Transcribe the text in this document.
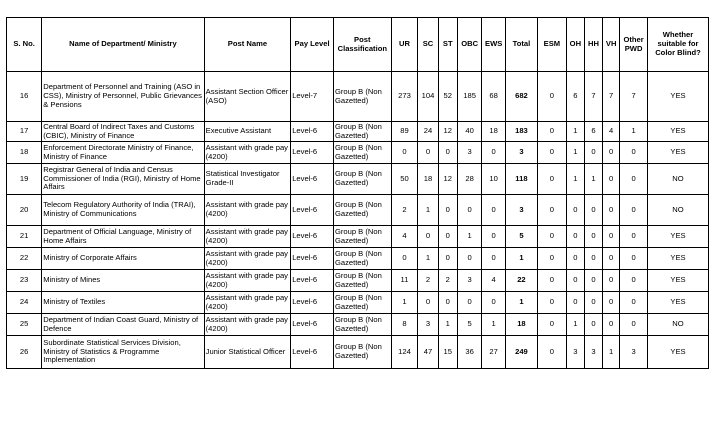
S. No.	Name of Department/ Ministry	Post Name	Pay Level	Post Classification	UR	SC	ST	OBC	EWS	Total	ESM	OH	HH	VH	Other PWD	Whether suitable for Color Blind?
16	Department of Personnel and Training (ASO in CSS), Ministry of Personnel, Public Grievances & Pensions	Assistant Section Officer (ASO)	Level-7	Group B (Non Gazetted)	273	104	52	185	68	682	0	6	7	7	7	YES
17	Central Board of Indirect Taxes and Customs (CBIC), Ministry of Finance	Executive Assistant	Level-6	Group B (Non Gazetted)	89	24	12	40	18	183	0	1	6	4	1	YES
18	Enforcement Directorate Ministry of Finance, Ministry of Finance	Assistant with grade pay (4200)	Level-6	Group B (Non Gazetted)	0	0	0	3	0	3	0	1	0	0	0	YES
19	Registrar General of India and Census Commissioner of India (RGI), Ministry of Home Affairs	Statistical Investigator Grade-II	Level-6	Group B (Non Gazetted)	50	18	12	28	10	118	0	1	1	0	0	NO
20	Telecom Regulatory Authority of India (TRAI), Ministry of Communications	Assistant with grade pay (4200)	Level-6	Group B (Non Gazetted)	2	1	0	0	0	3	0	0	0	0	0	NO
21	Department of Official Language, Ministry of Home Affairs	Assistant with grade pay (4200)	Level-6	Group B (Non Gazetted)	4	0	0	1	0	5	0	0	0	0	0	YES
22	Ministry of Corporate Affairs	Assistant with grade pay (4200)	Level-6	Group B (Non Gazetted)	0	1	0	0	0	1	0	0	0	0	0	YES
23	Ministry of Mines	Assistant with grade pay (4200)	Level-6	Group B (Non Gazetted)	11	2	2	3	4	22	0	0	0	0	0	YES
24	Ministry of Textiles	Assistant with grade pay (4200)	Level-6	Group B (Non Gazetted)	1	0	0	0	0	1	0	0	0	0	0	YES
25	Department of Indian Coast Guard, Ministry of Defence	Assistant with grade pay (4200)	Level-6	Group B (Non Gazetted)	8	3	1	5	1	18	0	1	0	0	0	NO
26	Subordinate Statistical Services Division, Ministry of Statistics & Programme Implementation	Junior Statistical Officer	Level-6	Group B (Non Gazetted)	124	47	15	36	27	249	0	3	3	1	3	YES
